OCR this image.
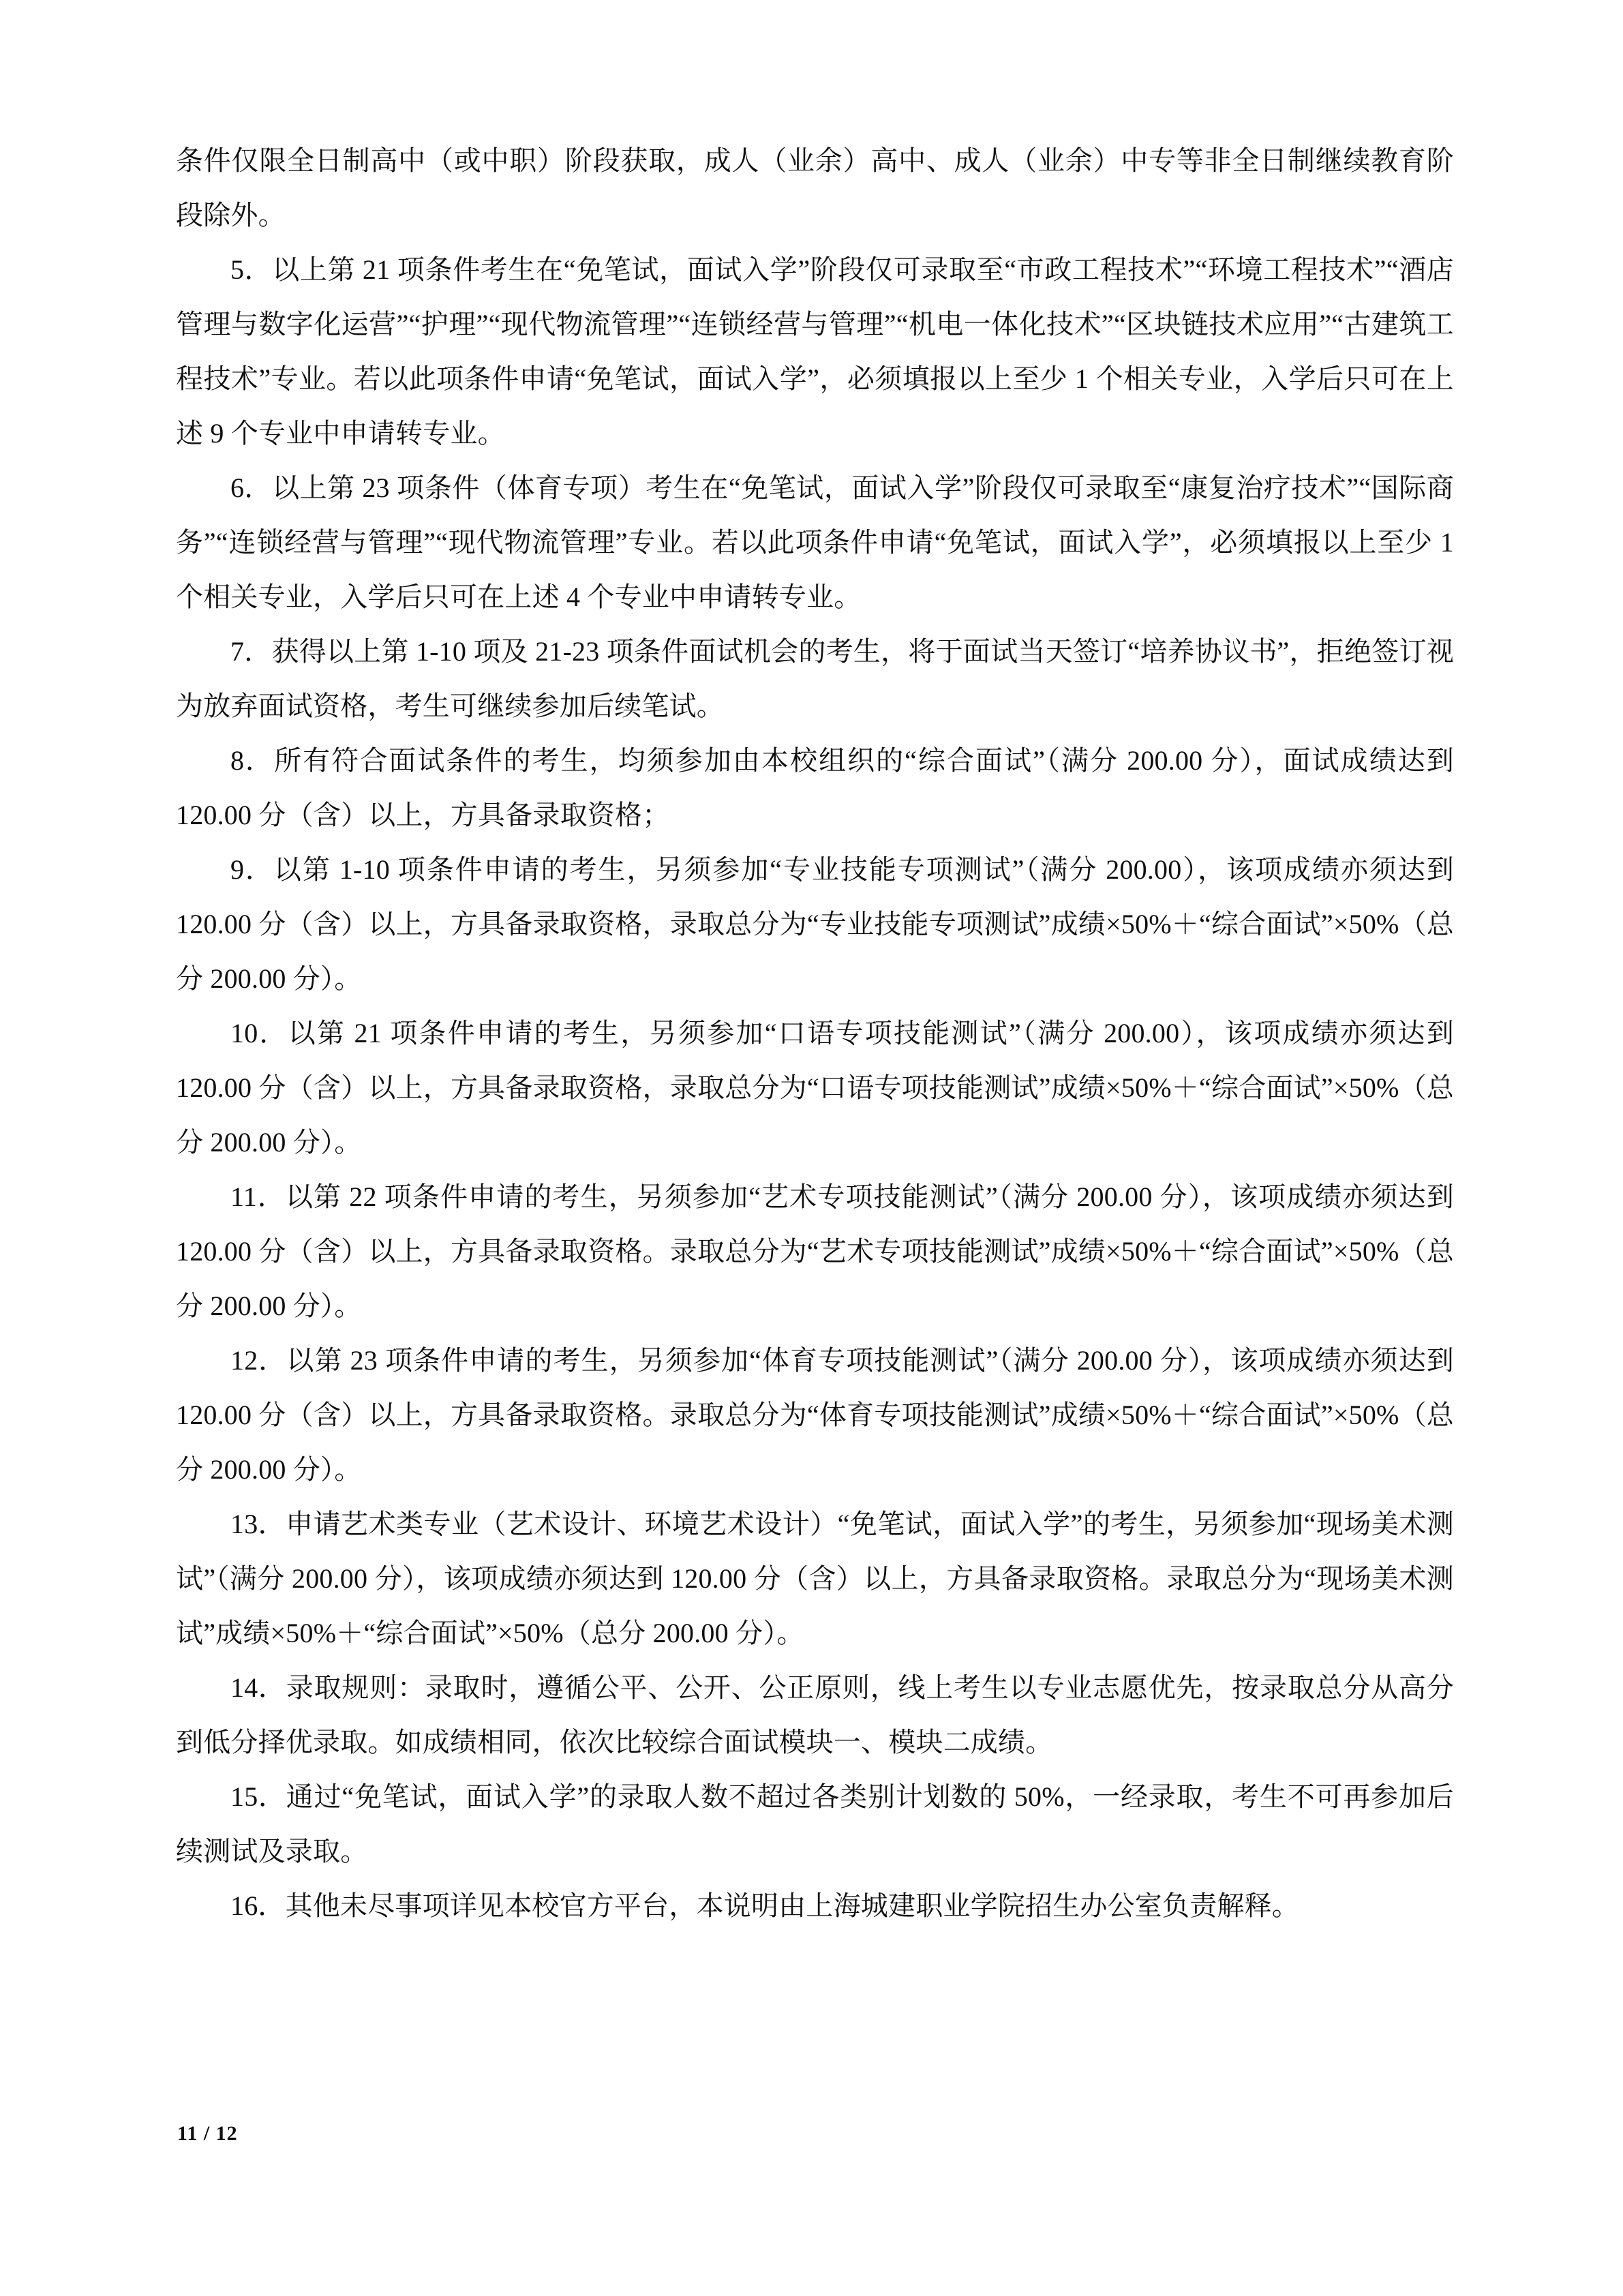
条件仅限全日制高中（或中职）阶段获取，成人（业余）高中、成人（业余）中专等非全日制继续教育阶段除外。

5．以上第 21 项条件考生在“免笔试，面试入学”阶段仅可录取至“市政工程技术”“环境工程技术”“酒店管理与数字化运营”“护理”“现代物流管理”“连锁经营与管理”“机电一体化技术”“区块链技术应用”“古建筑工程技术”专业。若以此项条件申请“免笔试，面试入学”，必须填报以上至少 1 个相关专业，入学后只可在上述 9 个专业中申请转专业。

6．以上第 23 项条件（体育专项）考生在“免笔试，面试入学”阶段仅可录取至“康复治疗技术”“国际商务”“连锁经营与管理”“现代物流管理”专业。若以此项条件申请“免笔试，面试入学”，必须填报以上至少 1 个相关专业，入学后只可在上述 4 个专业中申请转专业。

7．获得以上第 1-10 项及 21-23 项条件面试机会的考生，将于面试当天签订“培养协议书”，拒绝签订视为放弃面试资格，考生可继续参加后续笔试。

8．所有符合面试条件的考生，均须参加由本校组织的“综合面试”（满分 200.00 分），面试成绩达到 120.00 分（含）以上，方具备录取资格；

9．以第 1-10 项条件申请的考生，另须参加“专业技能专项测试”（满分 200.00），该项成绩亦须达到 120.00 分（含）以上，方具备录取资格，录取总分为“专业技能专项测试”成绩×50%＋“综合面试”×50%（总分 200.00 分）。

10．以第 21 项条件申请的考生，另须参加“口语专项技能测试”（满分 200.00），该项成绩亦须达到 120.00 分（含）以上，方具备录取资格，录取总分为“口语专项技能测试”成绩×50%＋“综合面试”×50%（总分 200.00 分）。

11．以第 22 项条件申请的考生，另须参加“艺术专项技能测试”（满分 200.00 分），该项成绩亦须达到 120.00 分（含）以上，方具备录取资格。录取总分为“艺术专项技能测试”成绩×50%＋“综合面试”×50%（总分 200.00 分）。

12．以第 23 项条件申请的考生，另须参加“体育专项技能测试”（满分 200.00 分），该项成绩亦须达到 120.00 分（含）以上，方具备录取资格。录取总分为“体育专项技能测试”成绩×50%＋“综合面试”×50%（总分 200.00 分）。

13．申请艺术类专业（艺术设计、环境艺术设计）“免笔试，面试入学”的考生，另须参加“现场美术测试”（满分 200.00 分），该项成绩亦须达到 120.00 分（含）以上，方具备录取资格。录取总分为“现场美术测试”成绩×50%＋“综合面试”×50%（总分 200.00 分）。

14．录取规则：录取时，遵循公平、公开、公正原则，线上考生以专业志愿优先，按录取总分从高分到低分择优录取。如成绩相同，依次比较综合面试模块一、模块二成绩。

15．通过“免笔试，面试入学”的录取人数不超过各类别计划数的 50%，一经录取，考生不可再参加后续测试及录取。

16．其他未尽事项详见本校官方平台，本说明由上海城建职业学院招生办公室负责解释。

11 / 12
